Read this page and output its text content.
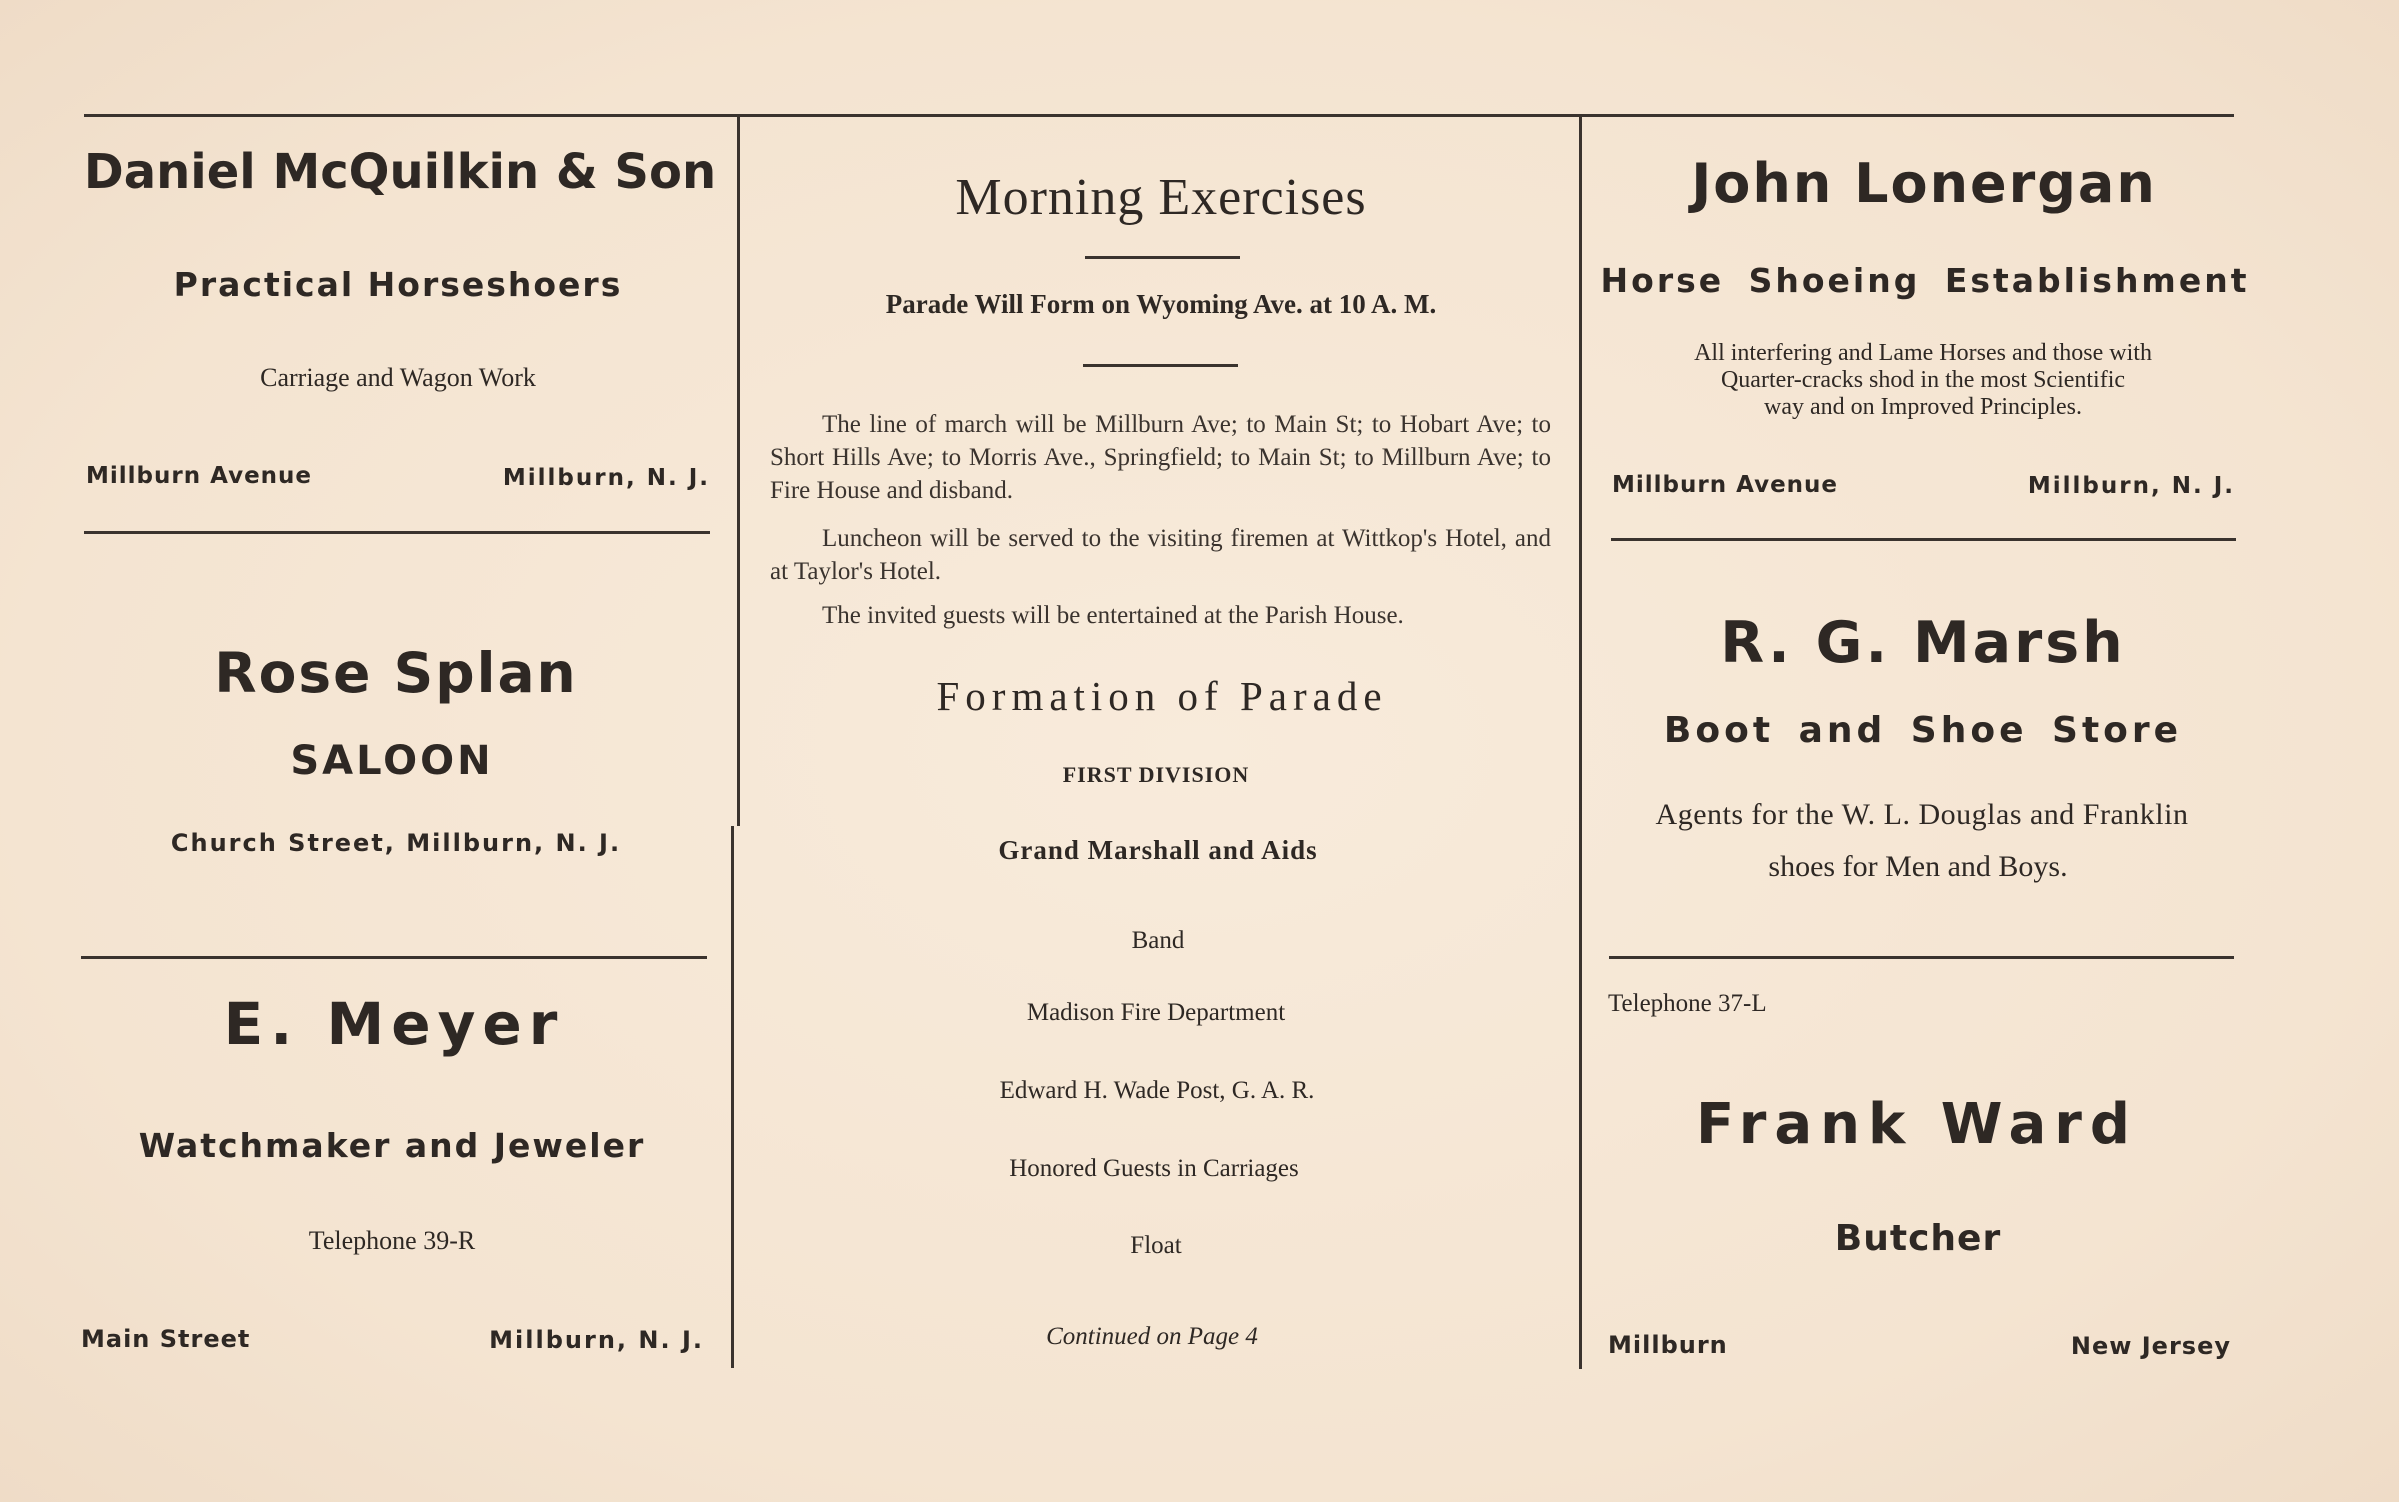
Daniel McQuilkin & Son
Practical Horseshoers
Carriage and Wagon Work
Millburn Avenue	Millburn, N. J.
Rose Splan
SALOON
Church Street, Millburn, N. J.
E. Meyer
Watchmaker and Jeweler
Telephone 39-R
Main Street	Millburn, N. J.
Morning Exercises
Parade Will Form on Wyoming Ave. at 10 A. M.
The line of march will be Millburn Ave; to Main St; to Hobart Ave; to Short Hills Ave; to Morris Ave., Springfield; to Main St; to Millburn Ave; to Fire House and disband.
Luncheon will be served to the visiting firemen at Wittkop's Hotel, and at Taylor's Hotel.
The invited guests will be entertained at the Parish House.
Formation of Parade
FIRST DIVISION
Grand Marshall and Aids
Band
Madison Fire Department
Edward H. Wade Post, G. A. R.
Honored Guests in Carriages
Float
Continued on Page 4
John Lonergan
Horse Shoeing Establishment
All interfering and Lame Horses and those with
Quarter-cracks shod in the most Scientific
way and on Improved Principles.
Millburn Avenue	Millburn, N. J.
R. G. Marsh
Boot and Shoe Store
Agents for the W. L. Douglas and Franklin
shoes for Men and Boys.
Telephone 37-L
Frank Ward
Butcher
Millburn	New Jersey
